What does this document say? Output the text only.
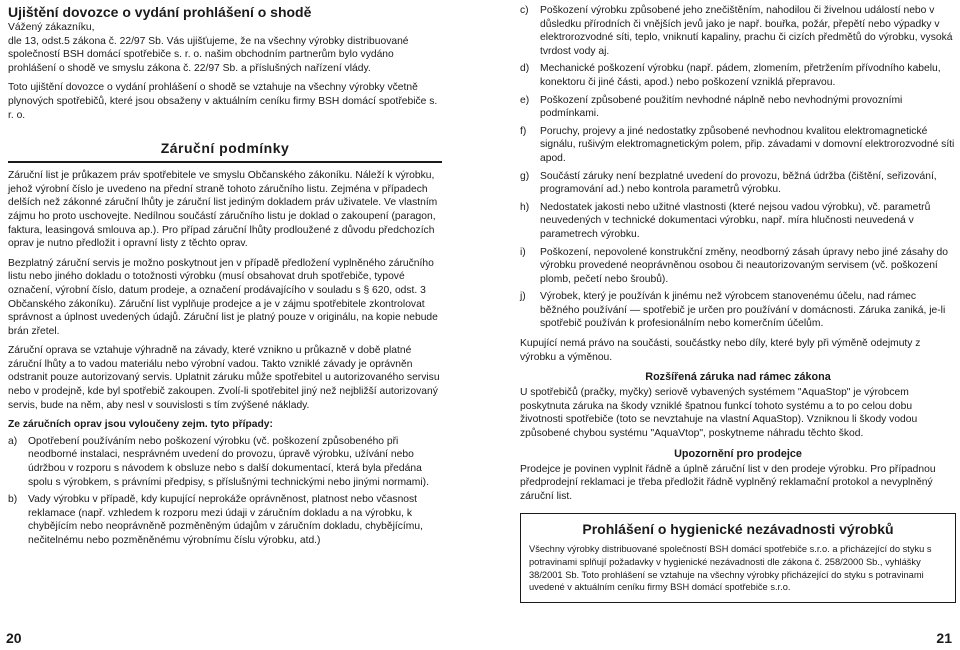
Ujištění dovozce o vydání prohlášení o shodě

Vážený zákazníku,

dle 13, odst.5 zákona č. 22/97 Sb. Vás ujišťujeme, že na všechny výrobky distribuované společností BSH domácí spotřebiče s. r. o. našim obchodním partnerům bylo vydáno prohlášení o shodě ve smyslu zákona č. 22/97 Sb. a příslušných nařízení vlády.

Toto ujištění dovozce o vydání prohlášení o shodě se vztahuje na všechny výrobky včetně plynových spotřebičů, které jsou obsaženy v aktuálním ceníku firmy BSH domácí spotřebiče s. r. o.

Záruční podmínky

Záruční list je průkazem práv spotřebitele ve smyslu Občanského zákoníku. Náleží k výrobku, jehož výrobní číslo je uvedeno na přední straně tohoto záručního listu. Zejména v případech delších než zákonné záruční lhůty je záruční list jediným dokladem práv uživatele. Ve vlastním zájmu ho proto uschovejte. Nedílnou součástí záručního listu je doklad o zakoupení (paragon, faktura, leasingová smlouva ap.). Pro případ záruční lhůty prodloužené z důvodu předchozích oprav je nutno předložit i opravní listy z těchto oprav.

Bezplatný záruční servis je možno poskytnout jen v případě předložení vyplněného záručního listu nebo jiného dokladu o totožnosti výrobku (musí obsahovat druh spotřebiče, typové označení, výrobní číslo, datum prodeje, a označení prodávajícího v souladu s § 620, odst. 3 Občanského zákoníku). Záruční list vyplňuje prodejce a je v zájmu spotřebitele zkontrolovat správnost a úplnost uvedených údajů. Záruční list je platný pouze v originálu, na kopie nebude brán zřetel.

Záruční oprava se vztahuje výhradně na závady, které vznikno u průkazně v době platné záruční lhůty a to vadou materiálu nebo výrobní vadou. Takto vzniklé závady je oprávněn odstranit pouze autorizovaný servis. Uplatnit záruku může spotřebitel u autorizovaného servisu nebo v prodejně, kde byl spotřebič zakoupen. Zvolí-li spotřebitel jiný než nejbližší autorizovaný servis, bude na něm, aby nesl v souvislosti s tím zvýšené náklady.

Ze záručních oprav jsou vyloučeny zejm. tyto případy:

a)	Opotřebení používáním nebo poškození výrobku (vč. poškození způsobeného při neodborné instalaci, nesprávném uvedení do provozu, úpravě výrobku, užívání nebo údržbou v rozporu s návodem k obsluze nebo s další dokumentací, která byla předána spolu s výrobkem, s právními předpisy, s příslušnými technickými nebo jinými normami).
b)	Vady výrobku v případě, kdy kupující neprokáže oprávněnost, platnost nebo včasnost reklamace (např. vzhledem k rozporu mezi údaji v záručním dokladu a na výrobku, k chybějícím nebo neoprávněně pozměněným údajům v záručním dokladu, chybějícímu, nečitelnému nebo pozměněnému výrobnímu číslu výrobku, atd.)
c)	Poškození výrobku způsobené jeho znečištěním, nahodilou či živelnou událostí nebo v důsledku přírodních či vnějších jevů jako je např. bouřka, požár, přepětí nebo výpadky v elektrorozvodné síti, teplo, vniknutí kapaliny, prachu či cizích předmětů do výrobku, vysoká tvrdost vody aj.
d)	Mechanické poškození výrobku (např. pádem, zlomením, přetržením přívodního kabelu, konektoru či jiné části, apod.) nebo poškození vzniklá přepravou.
e)	Poškození způsobené použitím nevhodné náplně nebo nevhodnými provozními podmínkami.
f)	Poruchy, projevy a jiné nedostatky způsobené nevhodnou kvalitou elektromagnetické signálu, rušivým elektromagnetickým polem, přip. závadami v domovní elektrorozvodné síti apod.
g)	Součástí záruky není bezplatné uvedení do provozu, běžná údržba (čištění, seřizování, programování ad.) nebo kontrola parametrů výrobku.
h)	Nedostatek jakosti nebo užitné vlastnosti (které nejsou vadou výrobku), vč. parametrů neuvedených v technické dokumentaci výrobku, např. míra hlučnosti neuvedená v parametrech výrobku.
i)	Poškození, nepovolené konstrukční změny, neodborný zásah úpravy nebo jiné zásahy do výrobku provedené neoprávněnou osobou či neautorizovaným servisem (vč. poškození plomb, pečetí nebo šroubů).
j)	Výrobek, který je používán k jinému než výrobcem stanovenému účelu, nad rámec běžného používání — spotřebič je určen pro používání v domácnosti. Záruka zaniká, je-li spotřebič používán k profesionálním nebo komerčním účelům.

Kupující nemá právo na součásti, součástky nebo díly, které byly při výměně odejmuty z výrobku a výměnou.

Rozšířená záruka nad rámec zákona

U spotřebičů (pračky, myčky) seriově vybavených systémem "AquaStop" je výrobcem poskytnuta záruka na škody vzniklé špatnou funkcí tohoto systému a to po celou dobu životnosti spotřebiče (toto se nevztahuje na vlastní AquaStop). Vzniknou li škody vodou způsobené chybou systému "AquaVtop", poskytneme náhradu těchto škod.

Upozornění pro prodejce

Prodejce je povinen vyplnit řádně a úplně záruční list v den prodeje výrobku. Pro případnou předprodejní reklamaci je třeba předložit řádně vyplněný reklamační protokol a nevyplněný záruční list.

Prohlášení o hygienické nezávadnosti výrobků

Všechny výrobky distribuované společností BSH domácí spotřebiče s.r.o. a přicházející do styku s potravinami splňují požadavky v hygienické nezávadnosti dle zákona č. 258/2000 Sb., vyhlášky 38/2001 Sb. Toto prohlášení se vztahuje na všechny výrobky přicházející do styku s potravinami uvedené v aktuálním ceníku firmy BSH domácí spotřebiče s.r.o.

20	21
